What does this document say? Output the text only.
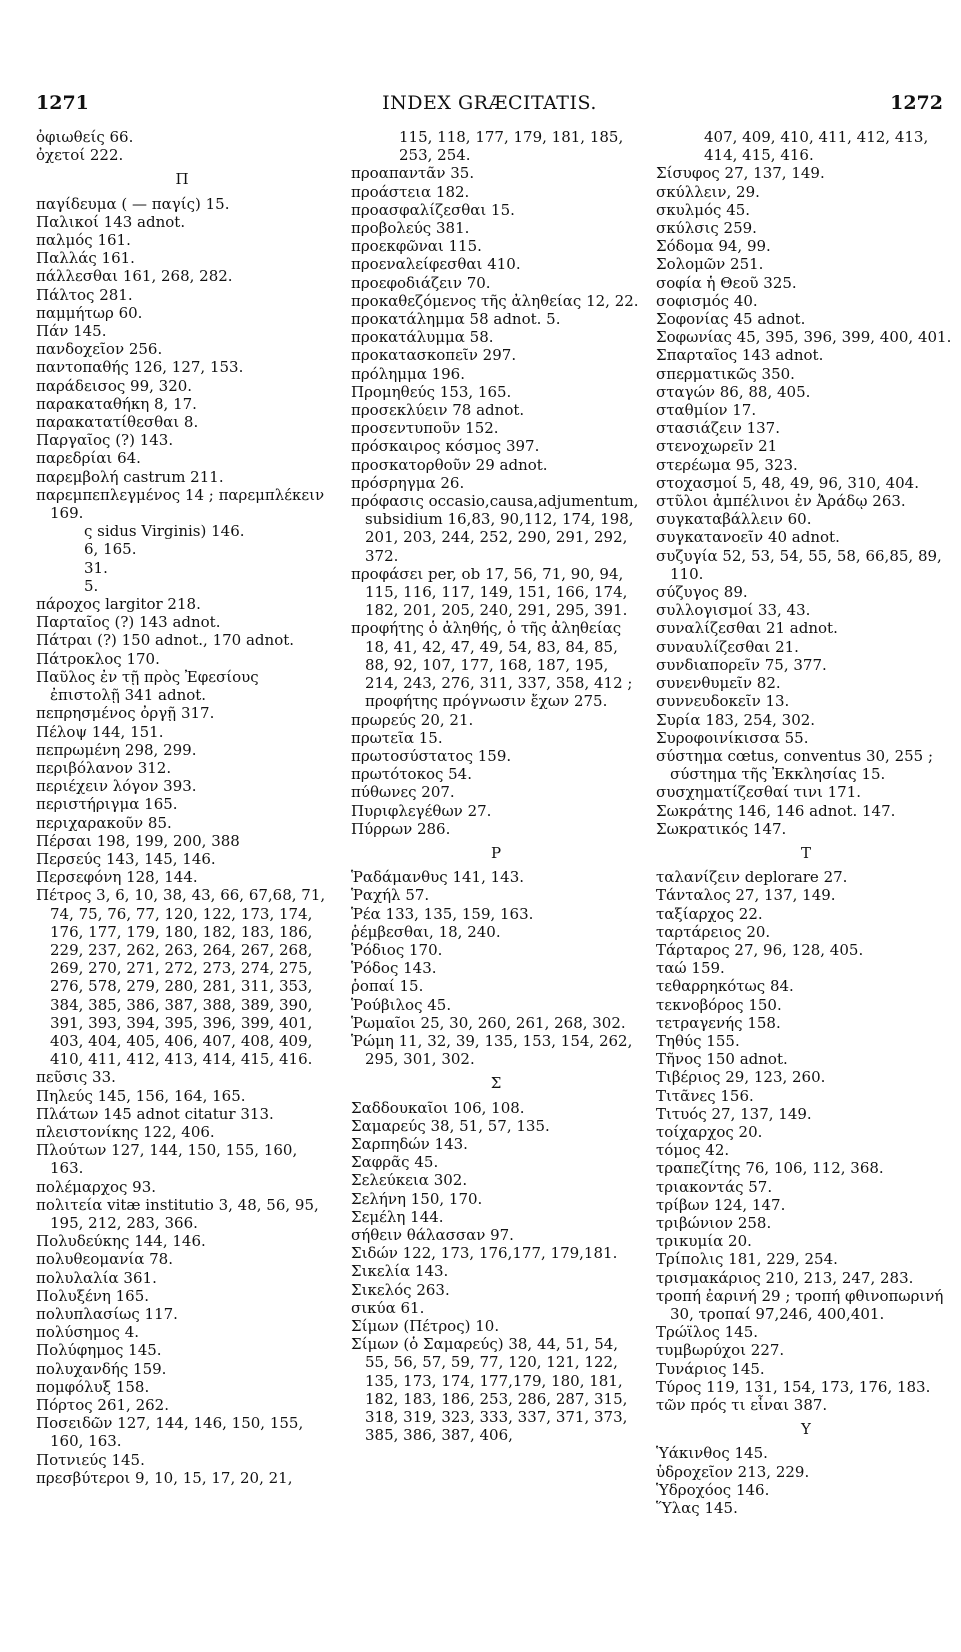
INDEX GRÆCITATIS.
1271	1272
ὀφιωθείς 66.
ὀχετοί 222.
Π
παγίδευμα ( — παγίς) 15.
Παλικοί 143 adnot.
παλμός 161.
Παλλάς 161.
πάλλεσθαι 161, 268, 282.
Πάλτος 281.
παμμήτωρ 60.
Πάν 145.
πανδοχεῖον 256.
παντοπαθής 126, 127, 153.
παράδεισος 99, 320.
παρακαταθήκη 8, 17.
παρακατατίθεσθαι 8.
Παργαῖος (?) 143.
παρεδρίαι 64.
παρεμβολή castrum 211.
παρεμπεπλεγμένος 14 ; παρεμπλέκειν 169.
ς sidus Virginis) 146.
6, 165.
31.
5.
πάροχος largitor 218.
Παρταῖος (?) 143 adnot.
Πάτραι (?) 150 adnot., 170 adnot.
Πάτροκλος 170.
Παῦλος ἐν τῇ πρὸς Ἐφεσίους ἐπιστολῇ 341 adnot.
πεπρησμένος ὀργῇ 317.
Πέλοψ 144, 151.
πεπρωμένη 298, 299.
περιβόλανον 312.
περιέχειν λόγον 393.
περιστήριγμα 165.
περιχαρακοῦν 85.
Πέρσαι 198, 199, 200, 388
Περσεύς 143, 145, 146.
Περσεφόνη 128, 144.
Πέτρος 3, 6, 10, 38, 43, 66, 67,68, 71, 74, 75, 76, 77, 120, 122, 173, 174, 176, 177, 179, 180, 182, 183, 186, 229, 237, 262, 263, 264, 267, 268, 269, 270, 271, 272, 273, 274, 275, 276, 578, 279, 280, 281, 311, 353, 384, 385, 386, 387, 388, 389, 390, 391, 393, 394, 395, 396, 399, 401, 403, 404, 405, 406, 407, 408, 409, 410, 411, 412, 413, 414, 415, 416.
πεῦσις 33.
Πηλεύς 145, 156, 164, 165.
Πλάτων 145 adnot citatur 313.
πλειστονίκης 122, 406.
Πλούτων 127, 144, 150, 155, 160, 163.
πολέμαρχος 93.
πολιτεία vitæ institutio 3, 48, 56, 95, 195, 212, 283, 366.
Πολυδεύκης 144, 146.
πολυθεομανία 78.
πολυλαλία 361.
Πολυξένη 165.
πολυπλασίως 117.
πολύσημος 4.
Πολύφημος 145.
πολυχανδής 159.
πομφόλυξ 158.
Πόρτος 261, 262.
Ποσειδῶν 127, 144, 146, 150, 155, 160, 163.
Ποτνιεύς 145.
πρεσβύτεροι 9, 10, 15, 17, 20, 21,
115, 118, 177, 179, 181, 185, 253, 254.
προαπαντᾶν 35.
προάστεια 182.
προασφαλίζεσθαι 15.
προβολεύς 381.
προεκφῶναι 115.
προεναλείφεσθαι 410.
προεφοδιάζειν 70.
προκαθεζόμενος τῆς ἀληθείας 12, 22.
προκατάλημμα 58 adnot. 5.
προκατάλυμμα 58.
προκατασκοπεῖν 297.
πρόλημμα 196.
Προμηθεύς 153, 165.
προσεκλύειν 78 adnot.
προσεντυποῦν 152.
πρόσκαιρος κόσμος 397.
προσκατορθοῦν 29 adnot.
πρόσρηγμα 26.
πρόφασις occasio,causa,adjumentum, subsidium 16,83, 90,112, 174, 198, 201, 203, 244, 252, 290, 291, 292, 372.
προφάσει per, ob 17, 56, 71, 90, 94, 115, 116, 117, 149, 151, 166, 174, 182, 201, 205, 240, 291, 295, 391.
προφήτης ὁ ἀληθής, ὁ τῆς ἀληθείας 18, 41, 42, 47, 49, 54, 83, 84, 85, 88, 92, 107, 177, 168, 187, 195, 214, 243, 276, 311, 337, 358, 412 ; προφήτης πρόγνωσιν ἔχων 275.
πρωρεύς 20, 21.
πρωτεῖα 15.
πρωτοσύστατος 159.
πρωτότοκος 54.
πύθωνες 207.
Πυριφλεγέθων 27.
Πύρρων 286.
Ρ
Ῥαδάμανθυς 141, 143.
Ῥαχήλ 57.
Ῥέα 133, 135, 159, 163.
ῥέμβεσθαι, 18, 240.
Ῥόδιος 170.
Ῥόδος 143.
ῥοπαί 15.
Ῥούβιλος 45.
Ῥωμαῖοι 25, 30, 260, 261, 268, 302.
Ῥώμη 11, 32, 39, 135, 153, 154, 262, 295, 301, 302.
Σ
Σαδδουκαῖοι 106, 108.
Σαμαρεύς 38, 51, 57, 135.
Σαρπηδών 143.
Σαφρᾶς 45.
Σελεύκεια 302.
Σελήνη 150, 170.
Σεμέλη 144.
σήθειν θάλασσαν 97.
Σιδών 122, 173, 176,177, 179,181.
Σικελία 143.
Σικελός 263.
σικύα 61.
Σίμων (Πέτρος) 10.
Σίμων (ὁ Σαμαρεύς) 38, 44, 51, 54, 55, 56, 57, 59, 77, 120, 121, 122, 135, 173, 174, 177,179, 180, 181, 182, 183, 186, 253, 286, 287, 315, 318, 319, 323, 333, 337, 371, 373, 385, 386, 387, 406,
407, 409, 410, 411, 412, 413, 414, 415, 416.
Σίσυφος 27, 137, 149.
σκύλλειν, 29.
σκυλμός 45.
σκύλσις 259.
Σόδομα 94, 99.
Σολομῶν 251.
σοφία ἡ Θεοῦ 325.
σοφισμός 40.
Σοφονίας 45 adnot.
Σοφωνίας 45, 395, 396, 399, 400, 401.
Σπαρταῖος 143 adnot.
σπερματικῶς 350.
σταγών 86, 88, 405.
σταθμίον 17.
στασιάζειν 137.
στενοχωρεῖν 21
στερέωμα 95, 323.
στοχασμοί 5, 48, 49, 96, 310, 404.
στῦλοι ἀμπέλινοι ἐν Ἀράδῳ 263.
συγκαταβάλλειν 60.
συγκατανοεῖν 40 adnot.
συζυγία 52, 53, 54, 55, 58, 66,85, 89, 110.
σύζυγος 89.
συλλογισμοί 33, 43.
συναλίζεσθαι 21 adnot.
συναυλίζεσθαι 21.
συνδιαπορεῖν 75, 377.
συνενθυμεῖν 82.
συννευδοκεῖν 13.
Συρία 183, 254, 302.
Συροφοινίκισσα 55.
σύστημα cœtus, conventus 30, 255 ; σύστημα τῆς Ἐκκλησίας 15.
συσχηματίζεσθαί τινι 171.
Σωκράτης 146, 146 adnot. 147.
Σωκρατικός 147.
Τ
ταλανίζειν deplorare 27.
Τάνταλος 27, 137, 149.
ταξίαρχος 22.
ταρτάρειος 20.
Τάρταρος 27, 96, 128, 405.
ταώ 159.
τεθαρρηκότως 84.
τεκνοβόρος 150.
τετραγενής 158.
Τηθύς 155.
Τῆνος 150 adnot.
Τιβέριος 29, 123, 260.
Τιτᾶνες 156.
Τιτυός 27, 137, 149.
τοίχαρχος 20.
τόμος 42.
τραπεζίτης 76, 106, 112, 368.
τριακοντάς 57.
τρίβων 124, 147.
τριβώνιον 258.
τρικυμία 20.
Τρίπολις 181, 229, 254.
τρισμακάριος 210, 213, 247, 283.
τροπή ἐαρινή 29 ; τροπή φθινοπωρινή 30, τροπαί 97,246, 400,401.
Τρώϊλος 145.
τυμβωρύχοι 227.
Τυνάριος 145.
Τύρος 119, 131, 154, 173, 176, 183.
τῶν πρός τι εἶναι 387.
Υ
Ὑάκινθος 145.
ὑδροχεῖον 213, 229.
Ὑδροχόος 146.
Ὕλας 145.
